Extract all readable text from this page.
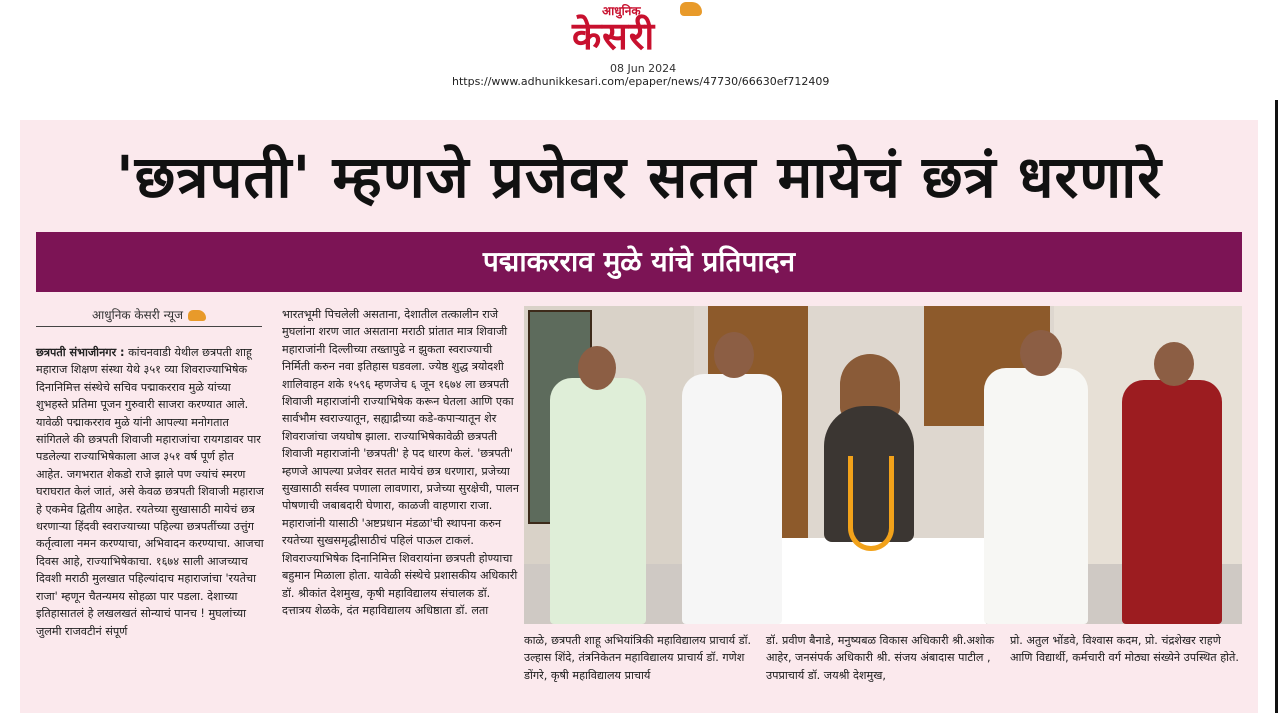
आधुनिक
केसरी
08 Jun 2024
https://www.adhunikkesari.com/epaper/news/47730/66630ef712409
'छत्रपती' म्हणजे प्रजेवर सतत मायेचं छत्रं धरणारे
पद्माकरराव मुळे यांचे प्रतिपादन
आधुनिक केसरी न्यूज

छत्रपती संभाजीनगर : कांचनवाडी येथील छत्रपती शाहू महाराज शिक्षण संस्था येथे ३५१ व्या शिवराज्याभिषेक दिनानिमित्त संस्थेचे सचिव पद्माकरराव मुळे यांच्या शुभहस्ते प्रतिमा पूजन गुरुवारी साजरा करण्यात आले. यावेळी पद्माकरराव मुळे यांनी आपल्या मनोगतात सांगितले की छत्रपती शिवाजी महाराजांचा रायगडावर पार पडलेल्या राज्याभिषेकाला आज ३५१ वर्ष पूर्ण होत आहेत. जगभरात शेकडो राजे झाले पण ज्यांचं स्मरण घराघरात केलं जातं, असे केवळ छत्रपती शिवाजी महाराज हे एकमेव द्वितीय आहेत. रयतेच्या सुखासाठी मायेचं छत्र धरणाऱ्या हिंदवी स्वराज्याच्या पहिल्या छत्रपतींच्या उत्तुंग कर्तृत्वाला नमन करण्याचा, अभिवादन करण्याचा. आजचा दिवस आहे, राज्याभिषेकाचा. १६७४ साली आजच्याच दिवशी मराठी मुलखात पहिल्यांदाच महाराजांचा 'रयतेचा राजा' म्हणून चैतन्यमय सोहळा पार पडला. देशाच्या इतिहासातलं हे लखलखतं सोन्याचं पानच ! मुघलांच्या जुलमी राजवटीनं संपूर्ण

भारतभूमी पिचलेली असताना, देशातील तत्कालीन राजे मुघलांना शरण जात असताना मराठी प्रांतात मात्र शिवाजी महाराजांनी दिल्लीच्या तख्तापुढे न झुकता स्वराज्याची निर्मिती करुन नवा इतिहास घडवला. ज्येष्ठ शुद्ध त्रयोदशी शालिवाहन शके १५९६ म्हणजेच ६ जून १६७४ ला छत्रपती शिवाजी महाराजांनी राज्याभिषेक करून घेतला आणि एका सार्वभौम स्वराज्यातून, सह्याद्रीच्या कडे-कपाऱ्यातून शेर शिवराजांचा जयघोष झाला. राज्याभिषेकावेळी छत्रपती शिवाजी महाराजांनी 'छत्रपती' हे पद धारण केलं. 'छत्रपती' म्हणजे आपल्या प्रजेवर सतत मायेचं छत्र धरणारा, प्रजेच्या सुखासाठी सर्वस्व पणाला लावणारा, प्रजेच्या सुरक्षेची, पालन पोषणाची जबाबदारी घेणारा, काळजी वाहणारा राजा. महाराजांनी यासाठी 'अष्टप्रधान मंडळा'ची स्थापना करुन रयतेच्या सुखसमृद्धीसाठीचं पहिलं पाऊल टाकलं. शिवराज्याभिषेक दिनानिमित्त शिवरायांना छत्रपती होण्याचा बहुमान मिळाला होता. यावेळी संस्थेचे प्रशासकीय अधिकारी डॉ. श्रीकांत देशमुख, कृषी महाविद्यालय संचालक डॉ. दत्तात्रय शेळके, दंत महाविद्यालय अधिष्ठाता डॉ. लता

काळे, छत्रपती शाहू अभियांत्रिकी महाविद्यालय प्राचार्य डॉ. उल्हास शिंदे, तंत्रनिकेतन महाविद्यालय प्राचार्य डॉ. गणेश डोंगरे, कृषी महाविद्यालय प्राचार्य

डॉ. प्रवीण बैनाडे, मनुष्यबळ विकास अधिकारी श्री.अशोक आहेर, जनसंपर्क अधिकारी श्री. संजय अंबादास पाटील , उपप्राचार्य डॉ. जयश्री देशमुख,

प्रो. अतुल भोंडवे, विश्वास कदम, प्रो. चंद्रशेखर राहणे आणि विद्यार्थी, कर्मचारी वर्ग मोठ्या संख्येने उपस्थित होते.
